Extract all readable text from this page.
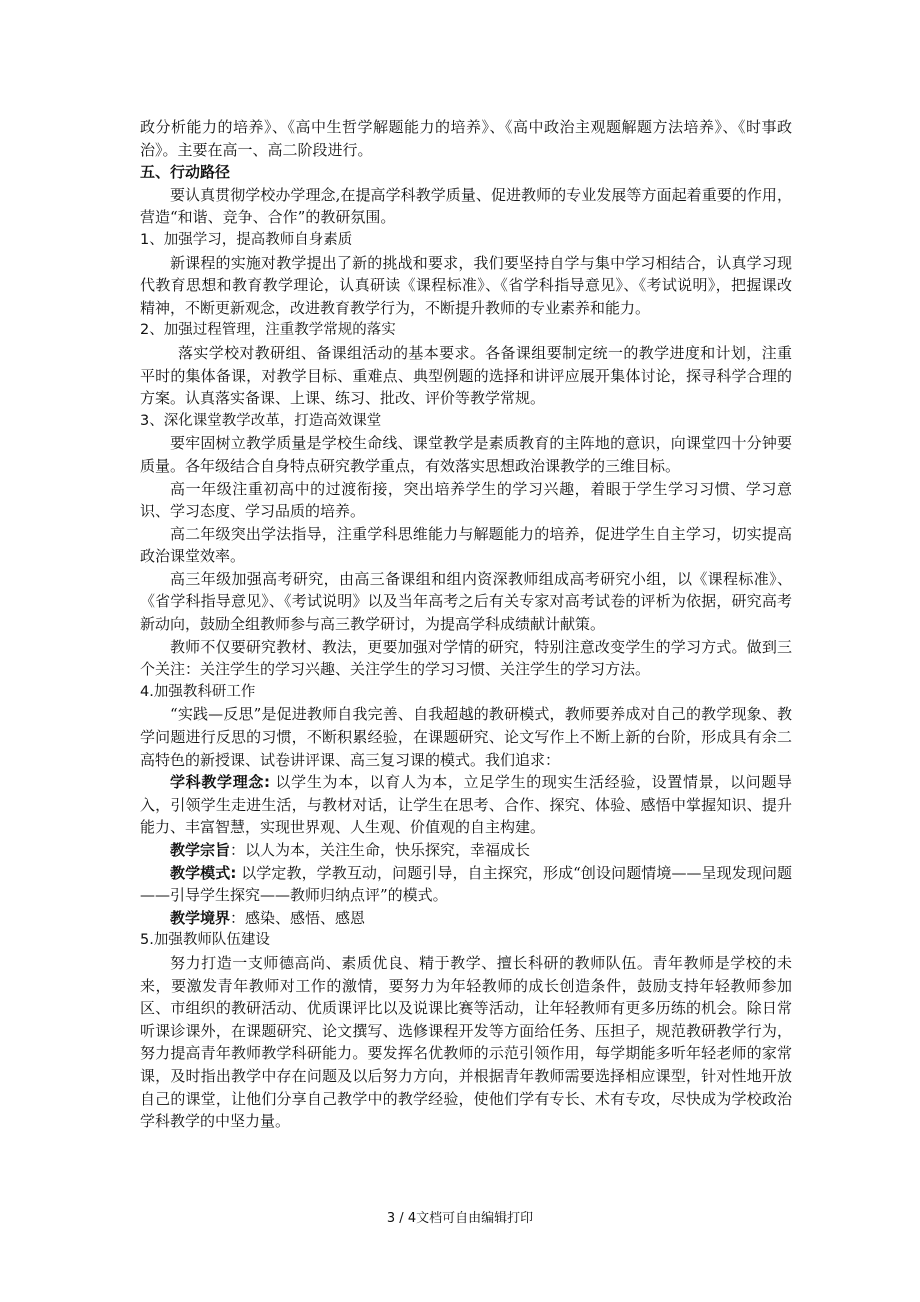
政分析能力的培养》、《高中生哲学解题能力的培养》、《高中政治主观题解题方法培养》、《时事政治》。主要在高一、高二阶段进行。

五、行动路径

要认真贯彻学校办学理念,在提高学科教学质量、促进教师的专业发展等方面起着重要的作用，营造“和谐、竞争、合作”的教研氛围。

1、加强学习，提高教师自身素质

新课程的实施对教学提出了新的挑战和要求，我们要坚持自学与集中学习相结合，认真学习现代教育思想和教育教学理论，认真研读《课程标准》、《省学科指导意见》、《考试说明》，把握课改精神，不断更新观念，改进教育教学行为，不断提升教师的专业素养和能力。

2、加强过程管理，注重教学常规的落实

落实学校对教研组、备课组活动的基本要求。各备课组要制定统一的教学进度和计划，注重平时的集体备课，对教学目标、重难点、典型例题的选择和讲评应展开集体讨论，探寻科学合理的方案。认真落实备课、上课、练习、批改、评价等教学常规。

3、深化课堂教学改革，打造高效课堂

要牢固树立教学质量是学校生命线、课堂教学是素质教育的主阵地的意识，向课堂四十分钟要质量。各年级结合自身特点研究教学重点，有效落实思想政治课教学的三维目标。

高一年级注重初高中的过渡衔接，突出培养学生的学习兴趣，着眼于学生学习习惯、学习意识、学习态度、学习品质的培养。

高二年级突出学法指导，注重学科思维能力与解题能力的培养，促进学生自主学习，切实提高政治课堂效率。

高三年级加强高考研究，由高三备课组和组内资深教师组成高考研究小组，以《课程标准》、《省学科指导意见》、《考试说明》以及当年高考之后有关专家对高考试卷的评析为依据，研究高考新动向，鼓励全组教师参与高三教学研讨，为提高学科成绩献计献策。

教师不仅要研究教材、教法，更要加强对学情的研究，特别注意改变学生的学习方式。做到三个关注：关注学生的学习兴趣、关注学生的学习习惯、关注学生的学习方法。

4.加强教科研工作

“实践—反思”是促进教师自我完善、自我超越的教研模式，教师要养成对自己的教学现象、教学问题进行反思的习惯，不断积累经验，在课题研究、论文写作上不断上新的台阶，形成具有余二高特色的新授课、试卷讲评课、高三复习课的模式。我们追求：

学科教学理念: 以学生为本，以育人为本，立足学生的现实生活经验，设置情景，以问题导入，引领学生走进生活，与教材对话，让学生在思考、合作、探究、体验、感悟中掌握知识、提升能力、丰富智慧，实现世界观、人生观、价值观的自主构建。

教学宗旨：以人为本，关注生命，快乐探究，幸福成长

教学模式: 以学定教，学教互动，问题引导，自主探究，形成“创设问题情境——呈现发现问题——引导学生探究——教师归纳点评”的模式。

教学境界：感染、感悟、感恩

5.加强教师队伍建设

努力打造一支师德高尚、素质优良、精于教学、擅长科研的教师队伍。青年教师是学校的未来，要激发青年教师对工作的激情，要努力为年轻教师的成长创造条件，鼓励支持年轻教师参加区、市组织的教研活动、优质课评比以及说课比赛等活动，让年轻教师有更多历练的机会。除日常听课诊课外，在课题研究、论文撰写、选修课程开发等方面给任务、压担子，规范教研教学行为，努力提高青年教师教学科研能力。要发挥名优教师的示范引领作用，每学期能多听年轻老师的家常课，及时指出教学中存在问题及以后努力方向，并根据青年教师需要选择相应课型，针对性地开放自己的课堂，让他们分享自己教学中的教学经验，使他们学有专长、术有专攻，尽快成为学校政治学科教学的中坚力量。

3 / 4文档可自由编辑打印
